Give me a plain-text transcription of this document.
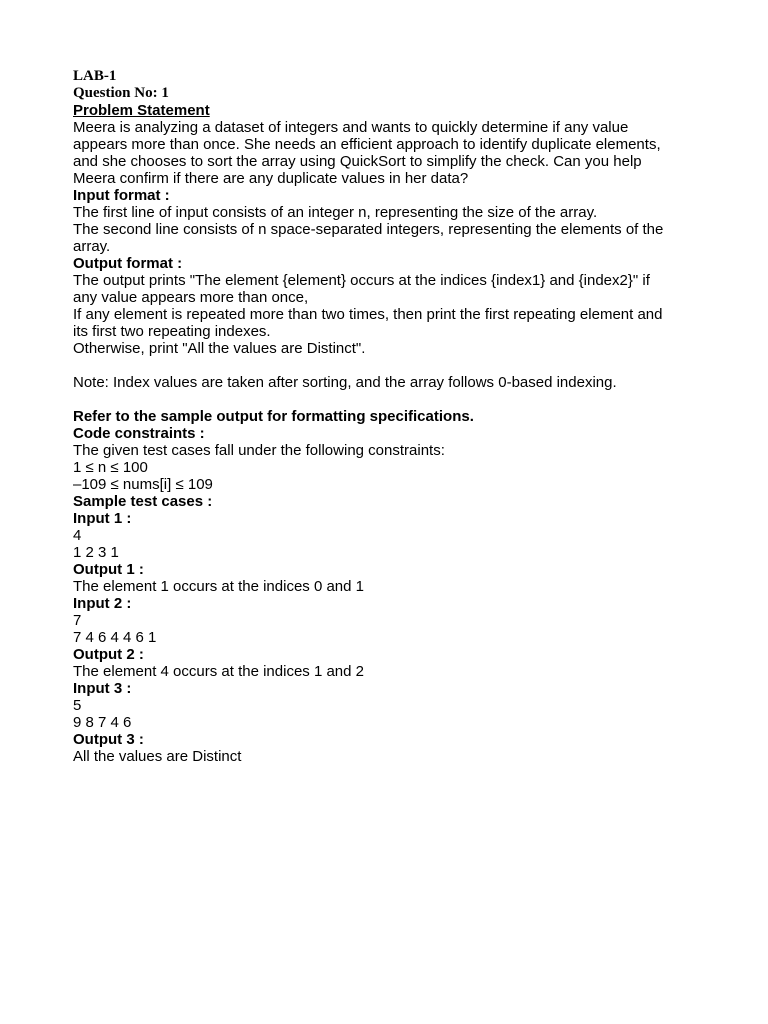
LAB-1
Question No: 1
Problem Statement
Meera is analyzing a dataset of integers and wants to quickly determine if any value
appears more than once. She needs an efficient approach to identify duplicate elements,
and she chooses to sort the array using QuickSort to simplify the check. Can you help
Meera confirm if there are any duplicate values in her data?
Input format :
The first line of input consists of an integer n, representing the size of the array.
The second line consists of n space-separated integers, representing the elements of the
array.
Output format :
The output prints "The element {element} occurs at the indices {index1} and {index2}" if
any value appears more than once,
If any element is repeated more than two times, then print the first repeating element and
its first two repeating indexes.
Otherwise, print "All the values are Distinct".
Note: Index values are taken after sorting, and the array follows 0-based indexing.
Refer to the sample output for formatting specifications.
Code constraints :
The given test cases fall under the following constraints:
1 ≤ n ≤ 100
–109 ≤ nums[i] ≤ 109
Sample test cases :
Input 1 :
4
1 2 3 1
Output 1 :
The element 1 occurs at the indices 0 and 1
Input 2 :
7
7 4 6 4 4 6 1
Output 2 :
The element 4 occurs at the indices 1 and 2
Input 3 :
5
9 8 7 4 6
Output 3 :
All the values are Distinct
